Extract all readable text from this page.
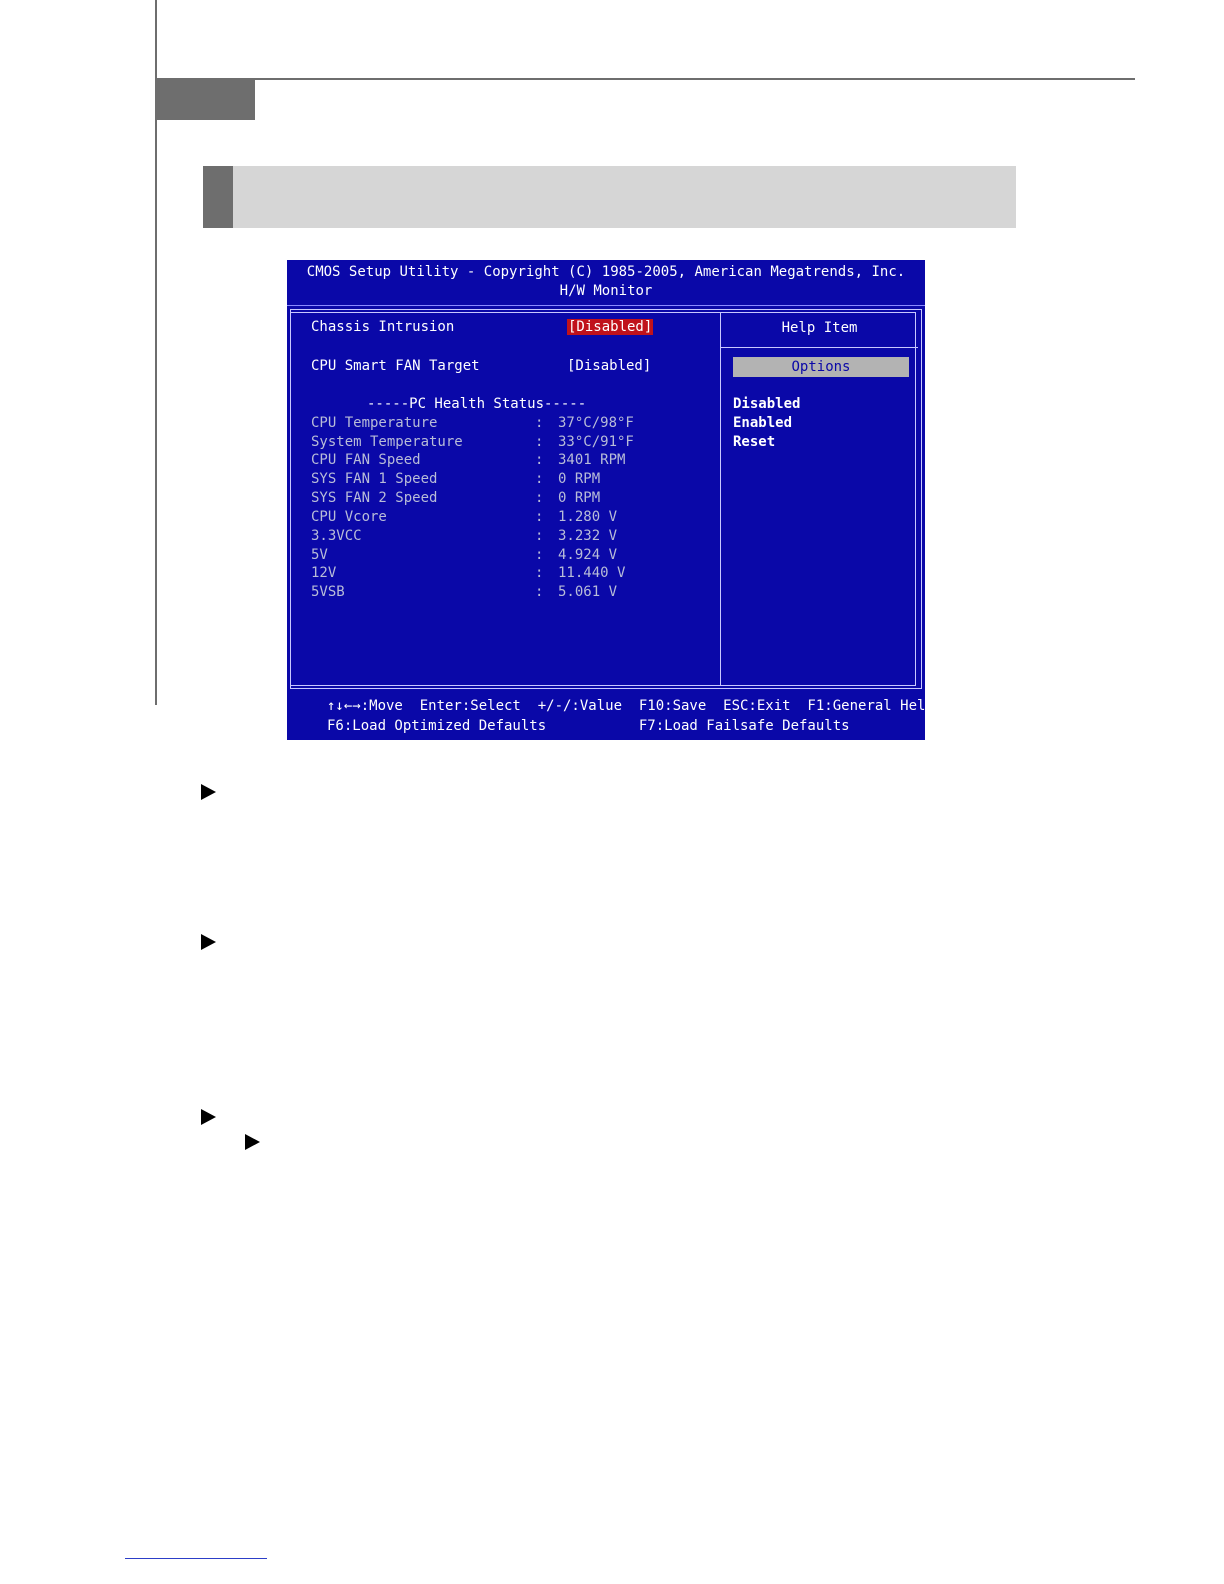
CMOS Setup Utility - Copyright (C) 1985-2005, American Megatrends, Inc.
H/W Monitor
Chassis Intrusion	[Disabled]
CPU Smart FAN Target	[Disabled]
-----PC Health Status-----
CPU Temperature	: 37°C/98°F
System Temperature	: 33°C/91°F
CPU FAN Speed	: 3401 RPM
SYS FAN 1 Speed	: 0 RPM
SYS FAN 2 Speed	: 0 RPM
CPU Vcore	: 1.280 V
3.3VCC	: 3.232 V
5V	: 4.924 V
12V	: 11.440 V
5VSB	: 5.061 V
Help Item
Options
Disabled
Enabled
Reset
↑↓←→:Move  Enter:Select  +/-/:Value  F10:Save  ESC:Exit  F1:General Help
F6:Load Optimized Defaults           F7:Load Failsafe Defaults
